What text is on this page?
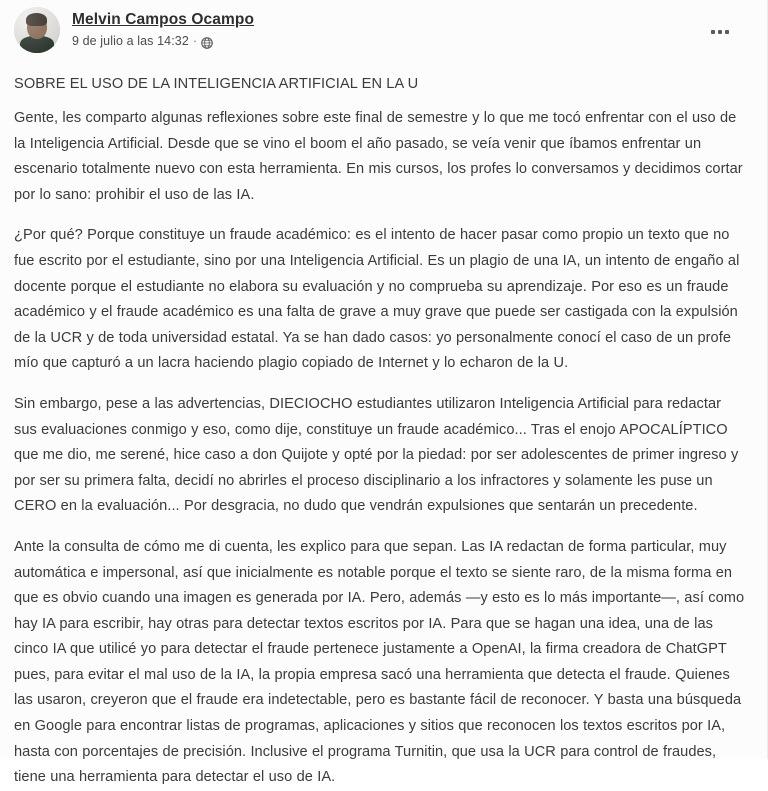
Melvin Campos Ocampo
9 de julio a las 14:32 ·
SOBRE EL USO DE LA INTELIGENCIA ARTIFICIAL EN LA U

Gente, les comparto algunas reflexiones sobre este final de semestre y lo que me tocó enfrentar con el uso de la Inteligencia Artificial. Desde que se vino el boom el año pasado, se veía venir que íbamos enfrentar un escenario totalmente nuevo con esta herramienta. En mis cursos, los profes lo conversamos y decidimos cortar por lo sano: prohibir el uso de las IA.

¿Por qué? Porque constituye un fraude académico: es el intento de hacer pasar como propio un texto que no fue escrito por el estudiante, sino por una Inteligencia Artificial. Es un plagio de una IA, un intento de engaño al docente porque el estudiante no elabora su evaluación y no comprueba su aprendizaje. Por eso es un fraude académico y el fraude académico es una falta de grave a muy grave que puede ser castigada con la expulsión de la UCR y de toda universidad estatal. Ya se han dado casos: yo personalmente conocí el caso de un profe mío que capturó a un lacra haciendo plagio copiado de Internet y lo echaron de la U.

Sin embargo, pese a las advertencias, DIECIOCHO estudiantes utilizaron Inteligencia Artificial para redactar sus evaluaciones conmigo y eso, como dije, constituye un fraude académico... Tras el enojo APOCALÍPTICO que me dio, me serené, hice caso a don Quijote y opté por la piedad: por ser adolescentes de primer ingreso y por ser su primera falta, decidí no abrirles el proceso disciplinario a los infractores y solamente les puse un CERO en la evaluación... Por desgracia, no dudo que vendrán expulsiones que sentarán un precedente.

Ante la consulta de cómo me di cuenta, les explico para que sepan. Las IA redactan de forma particular, muy automática e impersonal, así que inicialmente es notable porque el texto se siente raro, de la misma forma en que es obvio cuando una imagen es generada por IA. Pero, además —y esto es lo más importante—, así como hay IA para escribir, hay otras para detectar textos escritos por IA. Para que se hagan una idea, una de las cinco IA que utilicé yo para detectar el fraude pertenece justamente a OpenAI, la firma creadora de ChatGPT pues, para evitar el mal uso de la IA, la propia empresa sacó una herramienta que detecta el fraude. Quienes las usaron, creyeron que el fraude era indetectable, pero es bastante fácil de reconocer. Y basta una búsqueda en Google para encontrar listas de programas, aplicaciones y sitios que reconocen los textos escritos por IA, hasta con porcentajes de precisión. Inclusive el programa Turnitin, que usa la UCR para control de fraudes, tiene una herramienta para detectar el uso de IA.
